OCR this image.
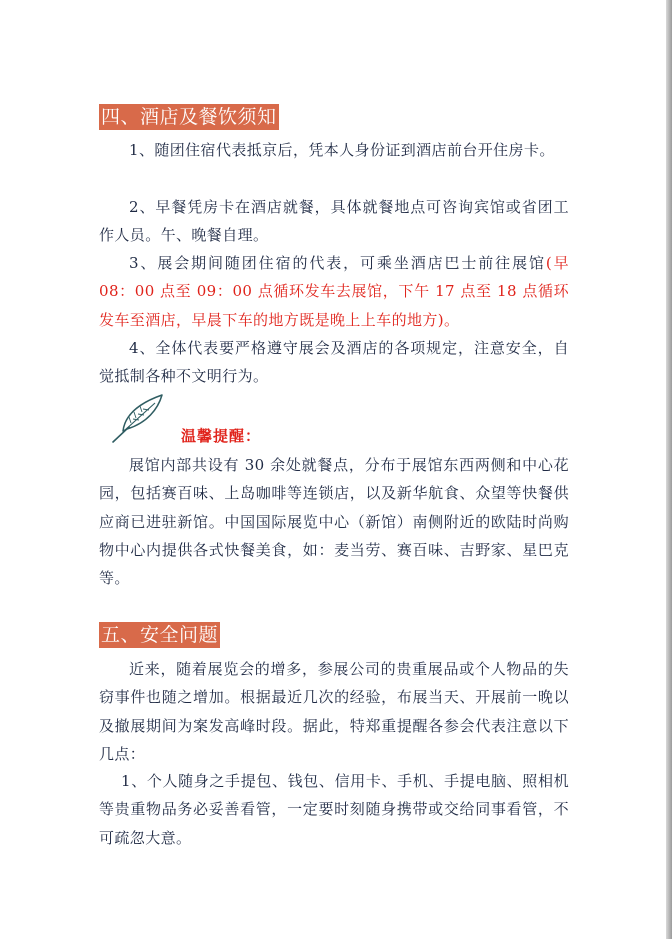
四、酒店及餐饮须知

1、随团住宿代表抵京后，凭本人身份证到酒店前台开住房卡。

2、早餐凭房卡在酒店就餐，具体就餐地点可咨询宾馆或省团工作人员。午、晚餐自理。

3、展会期间随团住宿的代表，可乘坐酒店巴士前往展馆(早 08：00 点至 09：00 点循环发车去展馆，下午 17 点至 18 点循环发车至酒店，早晨下车的地方既是晚上上车的地方)。

4、全体代表要严格遵守展会及酒店的各项规定，注意安全，自觉抵制各种不文明行为。

温馨提醒：

展馆内部共设有 30 余处就餐点，分布于展馆东西两侧和中心花园，包括赛百味、上岛咖啡等连锁店，以及新华航食、众望等快餐供应商已进驻新馆。中国国际展览中心（新馆）南侧附近的欧陆时尚购物中心内提供各式快餐美食，如：麦当劳、赛百味、吉野家、星巴克等。

五、安全问题

近来，随着展览会的增多，参展公司的贵重展品或个人物品的失窃事件也随之增加。根据最近几次的经验，布展当天、开展前一晚以及撤展期间为案发高峰时段。据此，特郑重提醒各参会代表注意以下几点：

1、个人随身之手提包、钱包、信用卡、手机、手提电脑、照相机等贵重物品务必妥善看管，一定要时刻随身携带或交给同事看管，不可疏忽大意。
